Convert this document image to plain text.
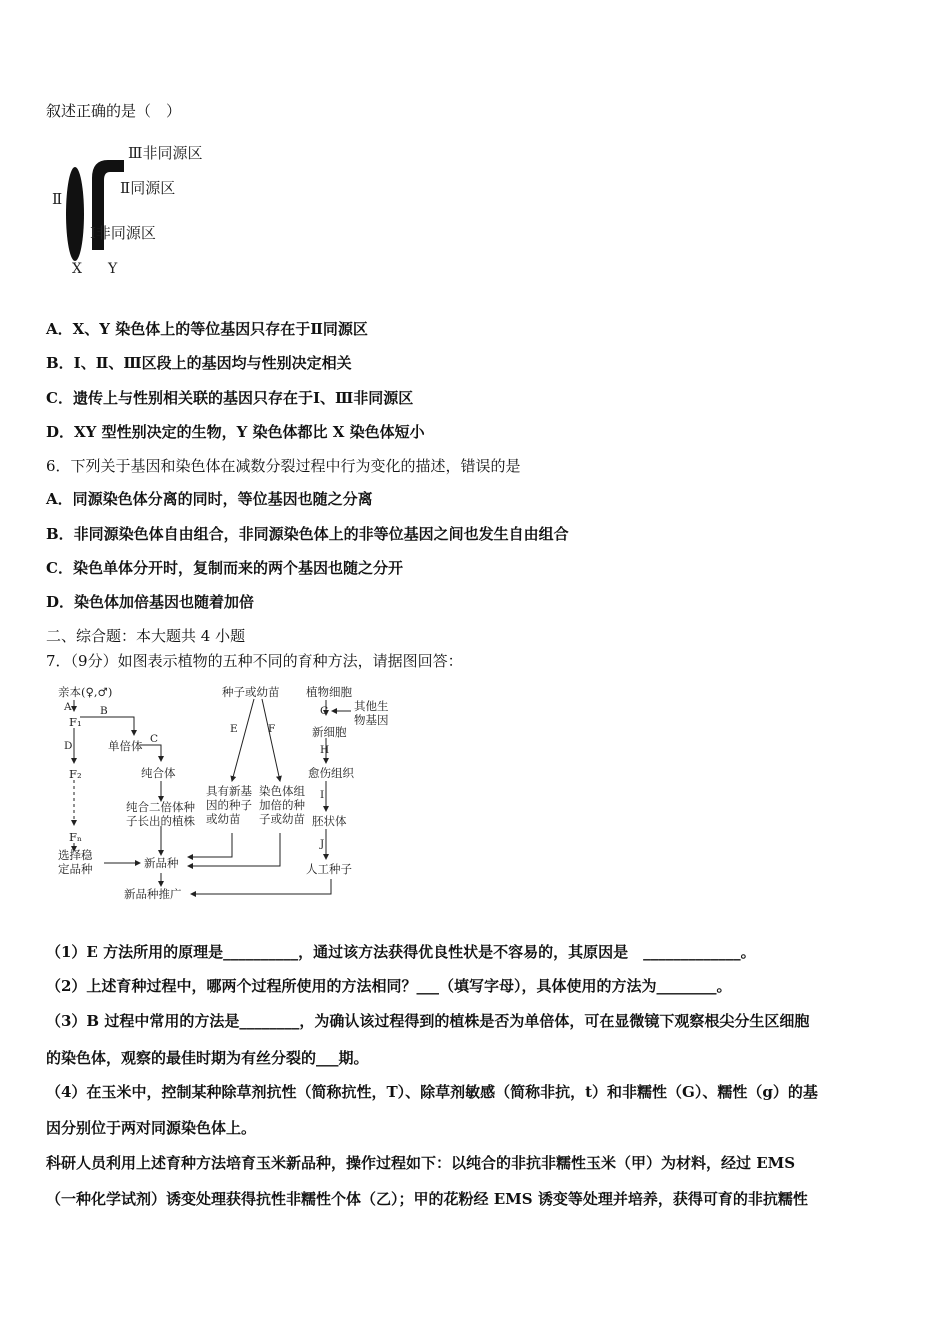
叙述正确的是（　）
Ⅱ
Ⅲ非同源区
Ⅱ同源区
Ⅰ非同源区
X Y
A．X、Y 染色体上的等位基因只存在于Ⅱ同源区
B．Ⅰ、Ⅱ、Ⅲ区段上的基因均与性别决定相关
C．遗传上与性别相关联的基因只存在于Ⅰ、Ⅲ非同源区
D．XY 型性别决定的生物，Y 染色体都比 X 染色体短小
6．下列关于基因和染色体在减数分裂过程中行为变化的描述，错误的是
A．同源染色体分离的同时，等位基因也随之分离
B．非同源染色体自由组合，非同源染色体上的非等位基因之间也发生自由组合
C．染色单体分开时，复制而来的两个基因也随之分开
D．染色体加倍基因也随着加倍
二、综合题：本大题共 4 小题
7．（9分）如图表示植物的五种不同的育种方法，请据图回答：
亲本(♀,♂)
A
F₁
B
单倍体 C
D
纯合体
F₂
纯合二倍体种
子长出的植株
Fₙ
选择稳
定品种	新品种
新品种推广
种子或幼苗
E	F
具有新基
因的种子
或幼苗
染色体组
加倍的种
子或幼苗
植物细胞
G 其他生
物基因
新细胞
H
愈伤组织
I
胚状体
J
人工种子
（1）E 方法所用的原理是__________，通过该方法获得优良性状是不容易的，其原因是　_____________。
（2）上述育种过程中，哪两个过程所使用的方法相同？___（填写字母），具体使用的方法为________。
（3）B 过程中常用的方法是________，为确认该过程得到的植株是否为单倍体，可在显微镜下观察根尖分生区细胞
的染色体，观察的最佳时期为有丝分裂的___期。
（4）在玉米中，控制某种除草剂抗性（简称抗性，T）、除草剂敏感（简称非抗，t）和非糯性（G）、糯性（g）的基
因分别位于两对同源染色体上。
科研人员利用上述育种方法培育玉米新品种，操作过程如下：以纯合的非抗非糯性玉米（甲）为材料，经过 EMS
（一种化学试剂）诱变处理获得抗性非糯性个体（乙）；甲的花粉经 EMS 诱变等处理并培养，获得可育的非抗糯性
